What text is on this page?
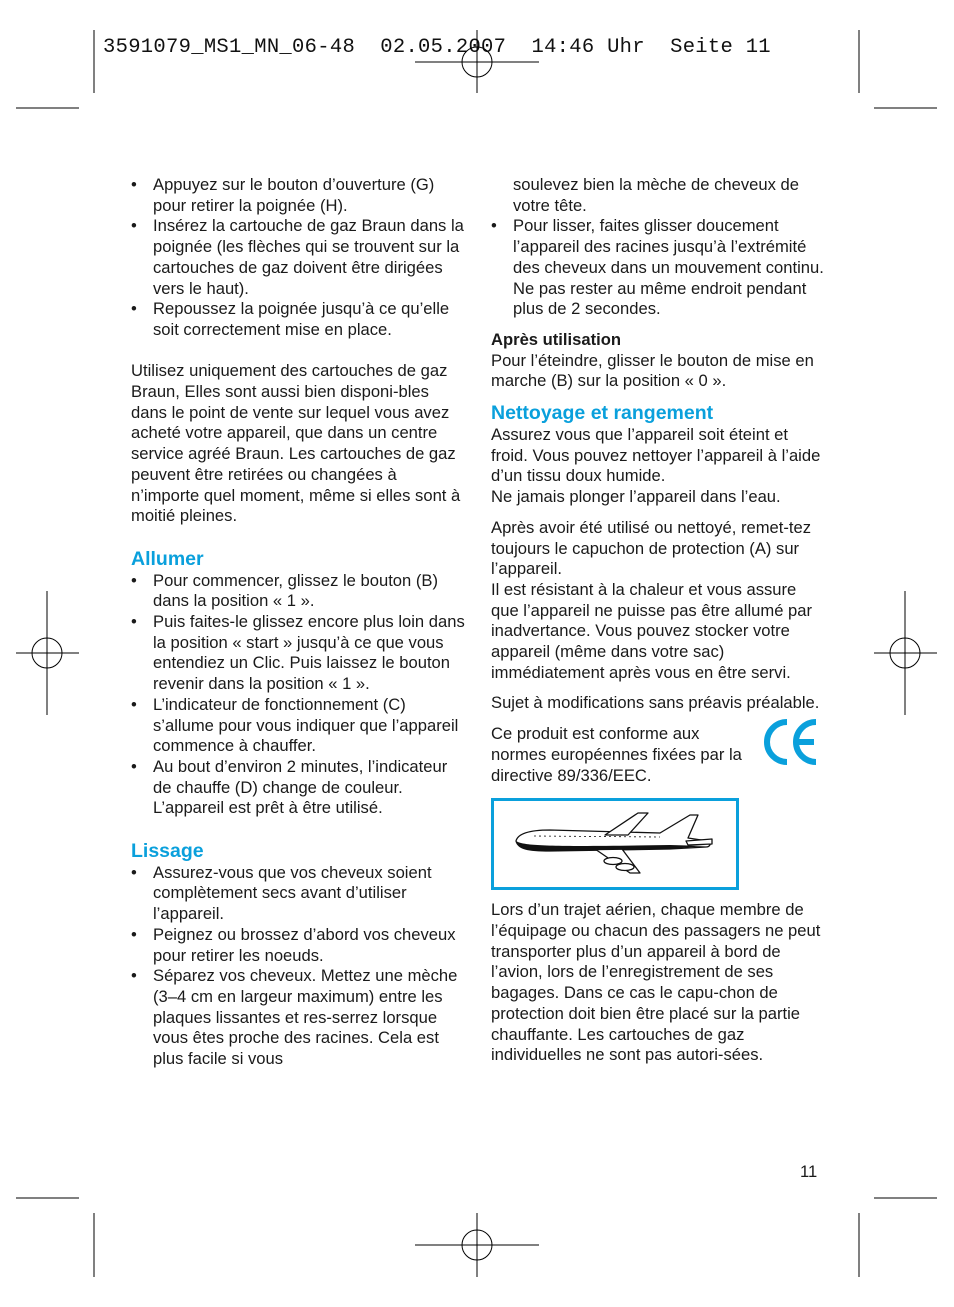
3591079_MS1_MN_06-48  02.05.2007  14:46 Uhr  Seite 11
• Appuyez sur le bouton d’ouverture (G) pour retirer la poignée (H).
• Insérez la cartouche de gaz Braun dans la poignée (les flèches qui se trouvent sur la cartouches de gaz doivent être dirigées vers le haut).
• Repoussez la poignée jusqu’à ce qu’elle soit correctement mise en place.

Utilisez uniquement des cartouches de gaz Braun, Elles sont aussi bien disponi-bles dans le point de vente sur lequel vous avez acheté votre appareil, que dans un centre service agréé Braun. Les cartouches de gaz peuvent être retirées ou changées à n’importe quel moment, même si elles sont à moitié pleines.

Allumer
• Pour commencer, glissez le bouton (B) dans la position « 1 ».
• Puis faites-le glissez encore plus loin dans la position « start » jusqu’à ce que vous entendiez un Clic. Puis laissez le bouton revenir dans la position « 1 ».
• L’indicateur de fonctionnement (C) s’allume pour vous indiquer que l’appareil commence à chauffer.
• Au bout d’environ 2 minutes, l’indicateur de chauffe (D) change de couleur. L’appareil est prêt à être utilisé.
Lissage
• Assurez-vous que vos cheveux soient complètement secs avant d’utiliser l’appareil.
• Peignez ou brossez d’abord vos cheveux pour retirer les noeuds.
• Séparez vos cheveux. Mettez une mèche (3–4 cm en largeur maximum) entre les plaques lissantes et res-serrez lorsque vous êtes proche des racines. Cela est plus facile si vous

soulevez bien la mèche de cheveux de votre tête.

• Pour lisser, faites glisser doucement l’appareil des racines jusqu’à l’extrémité des cheveux dans un mouvement continu. Ne pas rester au même endroit pendant plus de 2 secondes.
Après utilisation

Pour l’éteindre, glisser le bouton de mise en marche (B) sur la position « 0 ».

Nettoyage et rangement

Assurez vous que l’appareil soit éteint et froid. Vous pouvez nettoyer l’appareil à l’aide d’un tissu doux humide.

Ne jamais plonger l’appareil dans l’eau.

Après avoir été utilisé ou nettoyé, remet-tez toujours le capuchon de protection (A) sur l’appareil.

Il est résistant à la chaleur et vous assure que l’appareil ne puisse pas être allumé par inadvertance. Vous pouvez stocker votre appareil (même dans votre sac) immédiatement après vous en être servi.

Sujet à modifications sans préavis préalable.

Ce produit est conforme aux normes européennes fixées par la directive 89/336/EEC.

Lors d’un trajet aérien, chaque membre de l’équipage ou chacun des passagers ne peut transporter plus d’un appareil à bord de l’avion, lors de l’enregistrement de ses bagages. Dans ce cas le capu-chon de protection doit bien être placé sur la partie chauffante. Les cartouches de gaz individuelles ne sont pas autori-sées.

11
